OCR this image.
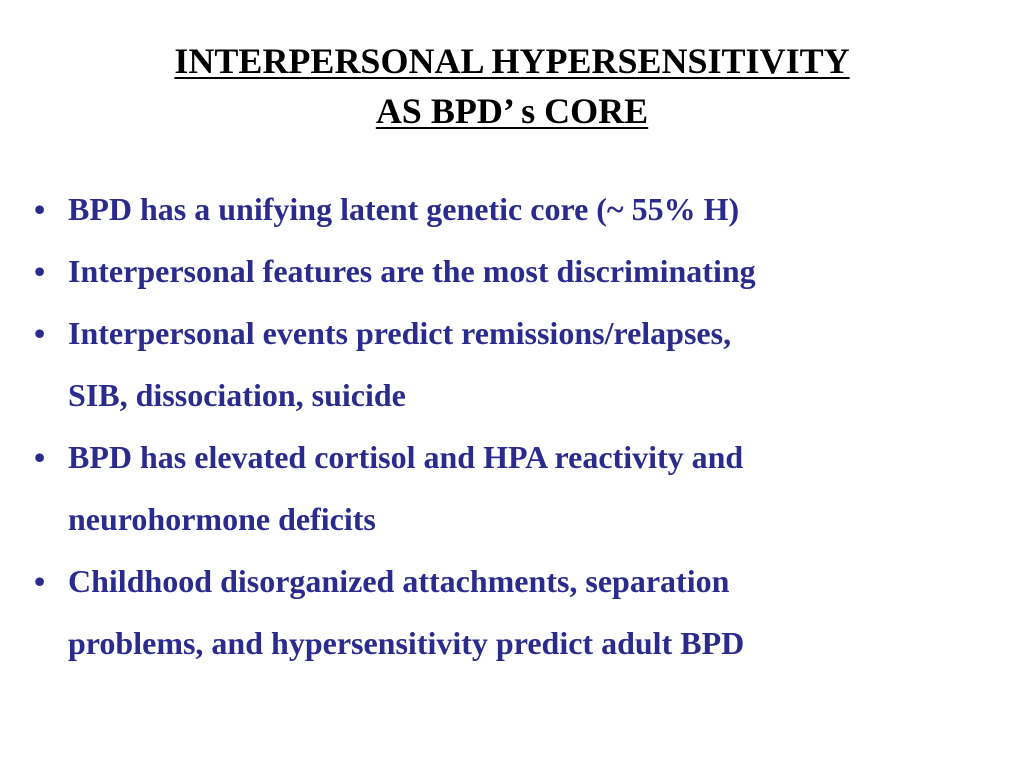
INTERPERSONAL HYPERSENSITIVITY
AS BPD’ s CORE
• BPD has a unifying latent genetic core (~ 55% H)
• Interpersonal features are the most discriminating
• Interpersonal events predict remissions/relapses,
SIB, dissociation, suicide
• BPD has elevated cortisol and HPA reactivity and
neurohormone deficits
• Childhood disorganized attachments, separation
problems, and hypersensitivity predict adult BPD
